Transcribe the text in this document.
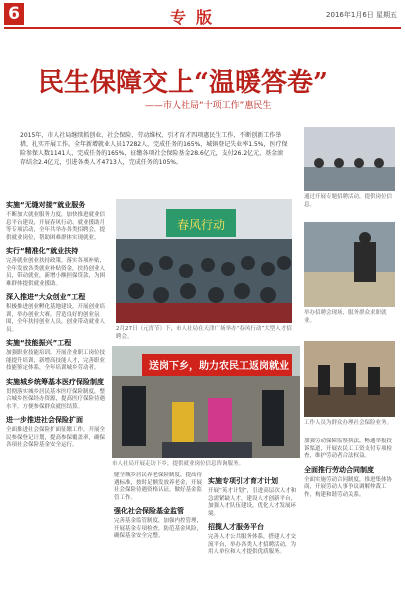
6	专版	2016年1月6日 星期五
民生保障交上“温暖答卷”
——市人社局“十项工作”惠民生
2015年，市人社局继续抓创业、社会保险、劳动维权、引才育才四项惠民生工作，不断创新工作举措，扎实开展工作。全年新增就业人员17282人，完成任务的165%，城镇登记失业率1.5%，医疗保险参保人数1141人，完成任务的165%，征缴各项社会保险基金28.6亿元，支付26.2亿元，基金滚存结余2.4亿元，引进各类人才4713人，完成任务的105%。
春风行动
2月27日（元宵节）下，市人社局在天津广场举办“春风行动”大型人才招聘会。
送岗下乡，助力农民工返岗就业
市人社局开展走访下乡，提供就业岗位信息咨询服务。
通过开展专题招聘活动，提供岗位信息。
举办招聘会现场，服务群众求职就业。
工作人员为群众办理社会保险业务。
实施“无缝对接”就业服务
不断加大就业服务力度，加快推进就业信息平台建设，开展春风行动、就业援助月等专项活动，全年共举办各类招聘会，提供就业岗位，帮助困难群体实现就业。
实行“精准化”就业扶持
完善就业创业扶持政策，落实各项补贴，全年发放各类就业补贴资金，扶持创业人员，带动就业，新增小额担保贷款，为困难群体提供就业援助。
深入推进“大众创业”工程
积极推进创业孵化基地建设，开展创业培训，举办创业大赛，营造良好的创业氛围，全年扶持创业人员，创业带动就业人员。
实施“技能振兴”工程
加强职业技能培训，开展企业职工岗位技能提升培训，新增高技能人才，完善职业技能鉴定体系，全年培训城乡劳动者。
实施城乡统筹基本医疗保险制度
贯彻落实城乡居民基本医疗保险制度，整合城乡医保经办资源，提高医疗保险待遇水平，方便参保群众就医结算。
进一步推进社会保险扩面
全面推进社会保险扩面征缴工作，开展全民参保登记计划，提高参保覆盖率，确保各项社会保险基金安全运行。
健全城乡居民养老保险制度，提高待遇标准，按时足额发放养老金，开展社会保险待遇资格认证，做好基金监管工作。
强化社会保险基金监管
完善基金监管制度，加强内控管理，开展基金专项检查，防范基金风险，确保基金安全完整。
实施专项引才育才计划
开展“英才计划”，引进高层次人才和急需紧缺人才，建设人才创新平台，加强人才队伍建设，优化人才发展环境。
招揽人才服务平台
完善人才公共服务体系，搭建人才交流平台，举办各类人才招聘活动，为用人单位和人才提供优质服务。
加强劳动保障监察执法，畅通举报投诉渠道，开展农民工工资支付专项检查，维护劳动者合法权益。
全面推行劳动合同制度
全面实施劳动合同制度，推进集体协商，开展劳动人事争议调解仲裁工作，构建和谐劳动关系。
